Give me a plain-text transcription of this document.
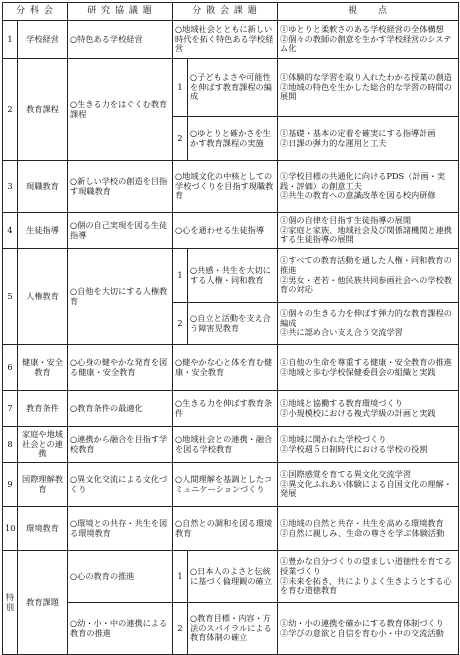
分 科 会		研 究 協 議 題	分 散 会 課 題		視　　点
1	学校経営	○特色ある学校経営	○地域社会とともに新しい時代を拓く特色ある学校経営		①ゆとりと柔軟さのある学校経営の全体構想
②個々の教師の創意を生かす学校経営のシステム化

2	教育課程	○生きる力をはぐくむ教育課程	1	○子どもよさや可能性を伸ばす教育課程の編成	①体験的な学習を取り入れたわかる授業の創造
②地域の特色を生かした総合的な学習の時間の展開

			2	○ゆとりと確かさを生かす教育課程の実施	①基礎・基本の定着を確実にする指導計画
②日課の弾力的な運用と工夫

3	現職教育	○新しい学校の創造を目指す現職教育	○地域文化の中核としての学校づくりを目指す現職教育		①学校目標の共通化に向けるPDS（計画・実践・評価）の創意工夫
②共生の教育への意識改革を図る校内研修

4	生徒指導	○個の自己実現を図る生徒指導	○心を通わせる生徒指導		①個の自律を目指す生徒指導の展開
②家庭と家族、地域社会及び関係諸機関と連携する生徒指導の展開

5	人権教育	○自他を大切にする人権教育	1	○共感・共生を大切にする人権・同和教育	①すべての教育活動を通した人権・同和教育の推進
②男女・老若・他民族共同参画社会への学校教育の対応

			2	○自立と活動を支え合う障害児教育	①個々の生きる力を伸ばす弾力的な教育課程の編成
②共に認め合い支え合う交流学習

6	健康・安全教育	○心身の健やかな発育を図る健康・安全教育	○健やかな心と体を育む健康・安全教育		①自他の生命を尊重する健康・安全教育の推進
②地域と歩む学校保健委員会の組織と実践

7	教育条件	○教育条件の最適化	○生きる力を伸ばす教育条件		①地域と協働する教育環境づくり
②小規模校における複式学級の計画と実践

8	家庭や地域社会との連携	○連携から融合を目指す学校教育	○地域社会との連携・融合を図る学校教育		①地域に開かれた学校づくり
②学校週５日制時代における学校の役割

9	国際理解教育	○異文化交流による文化づくり	○人間理解を基調としたコミュニケーションづくり		①国際感覚を育てる異文化交流学習
②異文化ふれあい体験による自国文化の理解・発展

10	環境教育	○環境との共存・共生を図る環境教育	○自然との調和を図る環境教育		①地域の自然と共存・共生を高める環境教育
②自然に親しみ、生命の尊さを学ぶ体験活動

特別	教育課題	○心の教育の推進	1	○日本人のよさと伝統に基づく倫理観の確立	①豊かな自分づくりの望ましい道徳性を育てる授業づくり
②未来を拓き、共によりよく生きようとする心を育む道徳教育

		○幼・小・中の連携による教育の推進	2	○教育目標・内容・方法のスパイラルによる教育体制の確立	①幼・小の連携を確かにする教育体制づくり
②学びの意欲と自信を育む小・中の交流活動
